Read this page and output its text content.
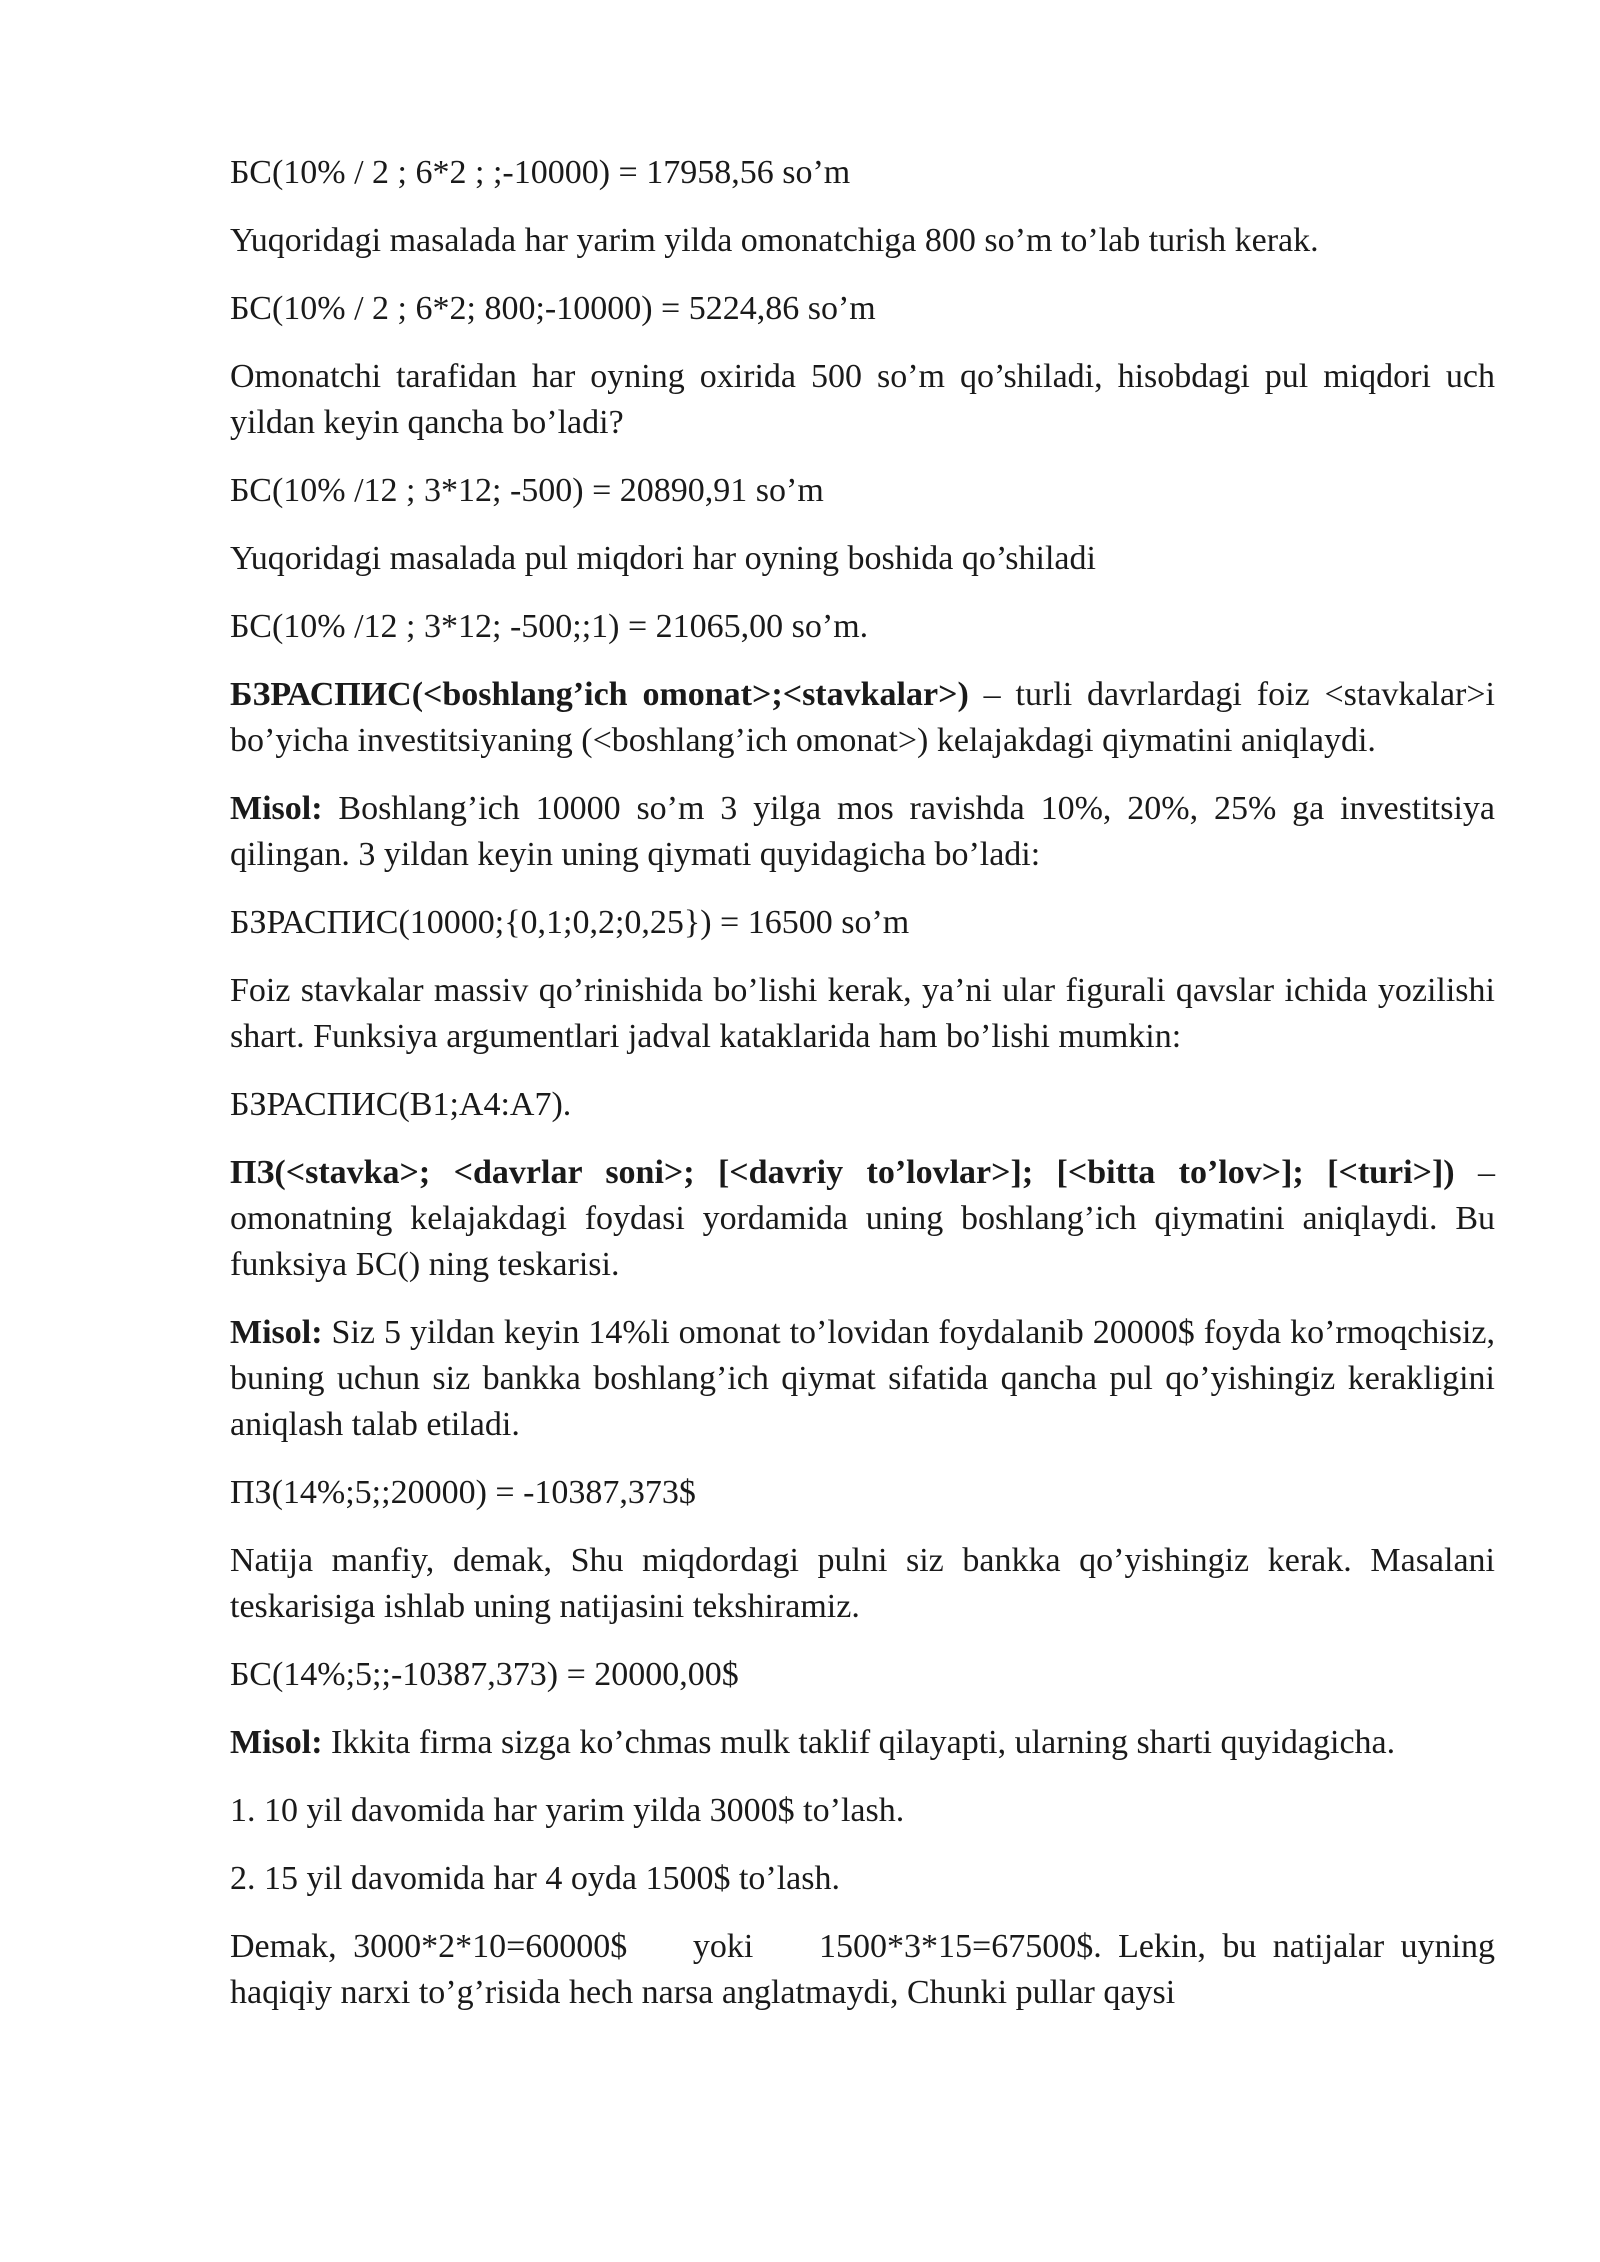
БС(10% / 2 ; 6*2 ; ;-10000) = 17958,56 so’m

Yuqoridagi masalada har yarim yilda omonatchiga 800 so’m to’lab turish kerak.

БС(10% / 2 ; 6*2; 800;-10000) = 5224,86 so’m

Omonatchi tarafidan har oyning oxirida 500 so’m qo’shiladi, hisobdagi pul miqdori uch yildan keyin qancha bo’ladi?

БС(10% /12 ; 3*12; -500) = 20890,91 so’m

Yuqoridagi masalada pul miqdori har oyning boshida qo’shiladi

БС(10% /12 ; 3*12; -500;;1) = 21065,00 so’m.

БЗРАСПИС(<boshlang’ich omonat>;<stavkalar>) – turli davrlardagi foiz <stavkalar>i bo’yicha investitsiyaning (<boshlang’ich omonat>) kelajakdagi qiymatini aniqlaydi.

Misol: Boshlang’ich 10000 so’m 3 yilga mos ravishda 10%, 20%, 25% ga investitsiya qilingan. 3 yildan keyin uning qiymati quyidagicha bo’ladi:

БЗРАСПИС(10000;{0,1;0,2;0,25}) = 16500 so’m

Foiz stavkalar massiv qo’rinishida bo’lishi kerak, ya’ni ular figurali qavslar ichida yozilishi shart. Funksiya argumentlari jadval kataklarida ham bo’lishi mumkin:

БЗРАСПИС(B1;A4:A7).

ПЗ(<stavka>; <davrlar soni>; [<davriy to’lovlar>]; [<bitta to’lov>]; [<turi>]) – omonatning kelajakdagi foydasi yordamida uning boshlang’ich qiymatini aniqlaydi. Bu funksiya БС() ning teskarisi.

Misol: Siz 5 yildan keyin 14%li omonat to’lovidan foydalanib 20000$ foyda ko’rmoqchisiz, buning uchun siz bankka boshlang’ich qiymat sifatida qancha pul qo’yishingiz kerakligini aniqlash talab etiladi.

ПЗ(14%;5;;20000) = -10387,373$

Natija manfiy, demak, Shu miqdordagi pulni siz bankka qo’yishingiz kerak. Masalani teskarisiga ishlab uning natijasini tekshiramiz.

БС(14%;5;;-10387,373) = 20000,00$

Misol: Ikkita firma sizga ko’chmas mulk taklif qilayapti, ularning sharti quyidagicha.

1. 10 yil davomida har yarim yilda 3000$ to’lash.

2. 15 yil davomida har 4 oyda 1500$ to’lash.

Demak, 3000*2*10=60000$    yoki    1500*3*15=67500$. Lekin, bu natijalar uyning haqiqiy narxi to’g’risida hech narsa anglatmaydi, Chunki pullar qaysi
